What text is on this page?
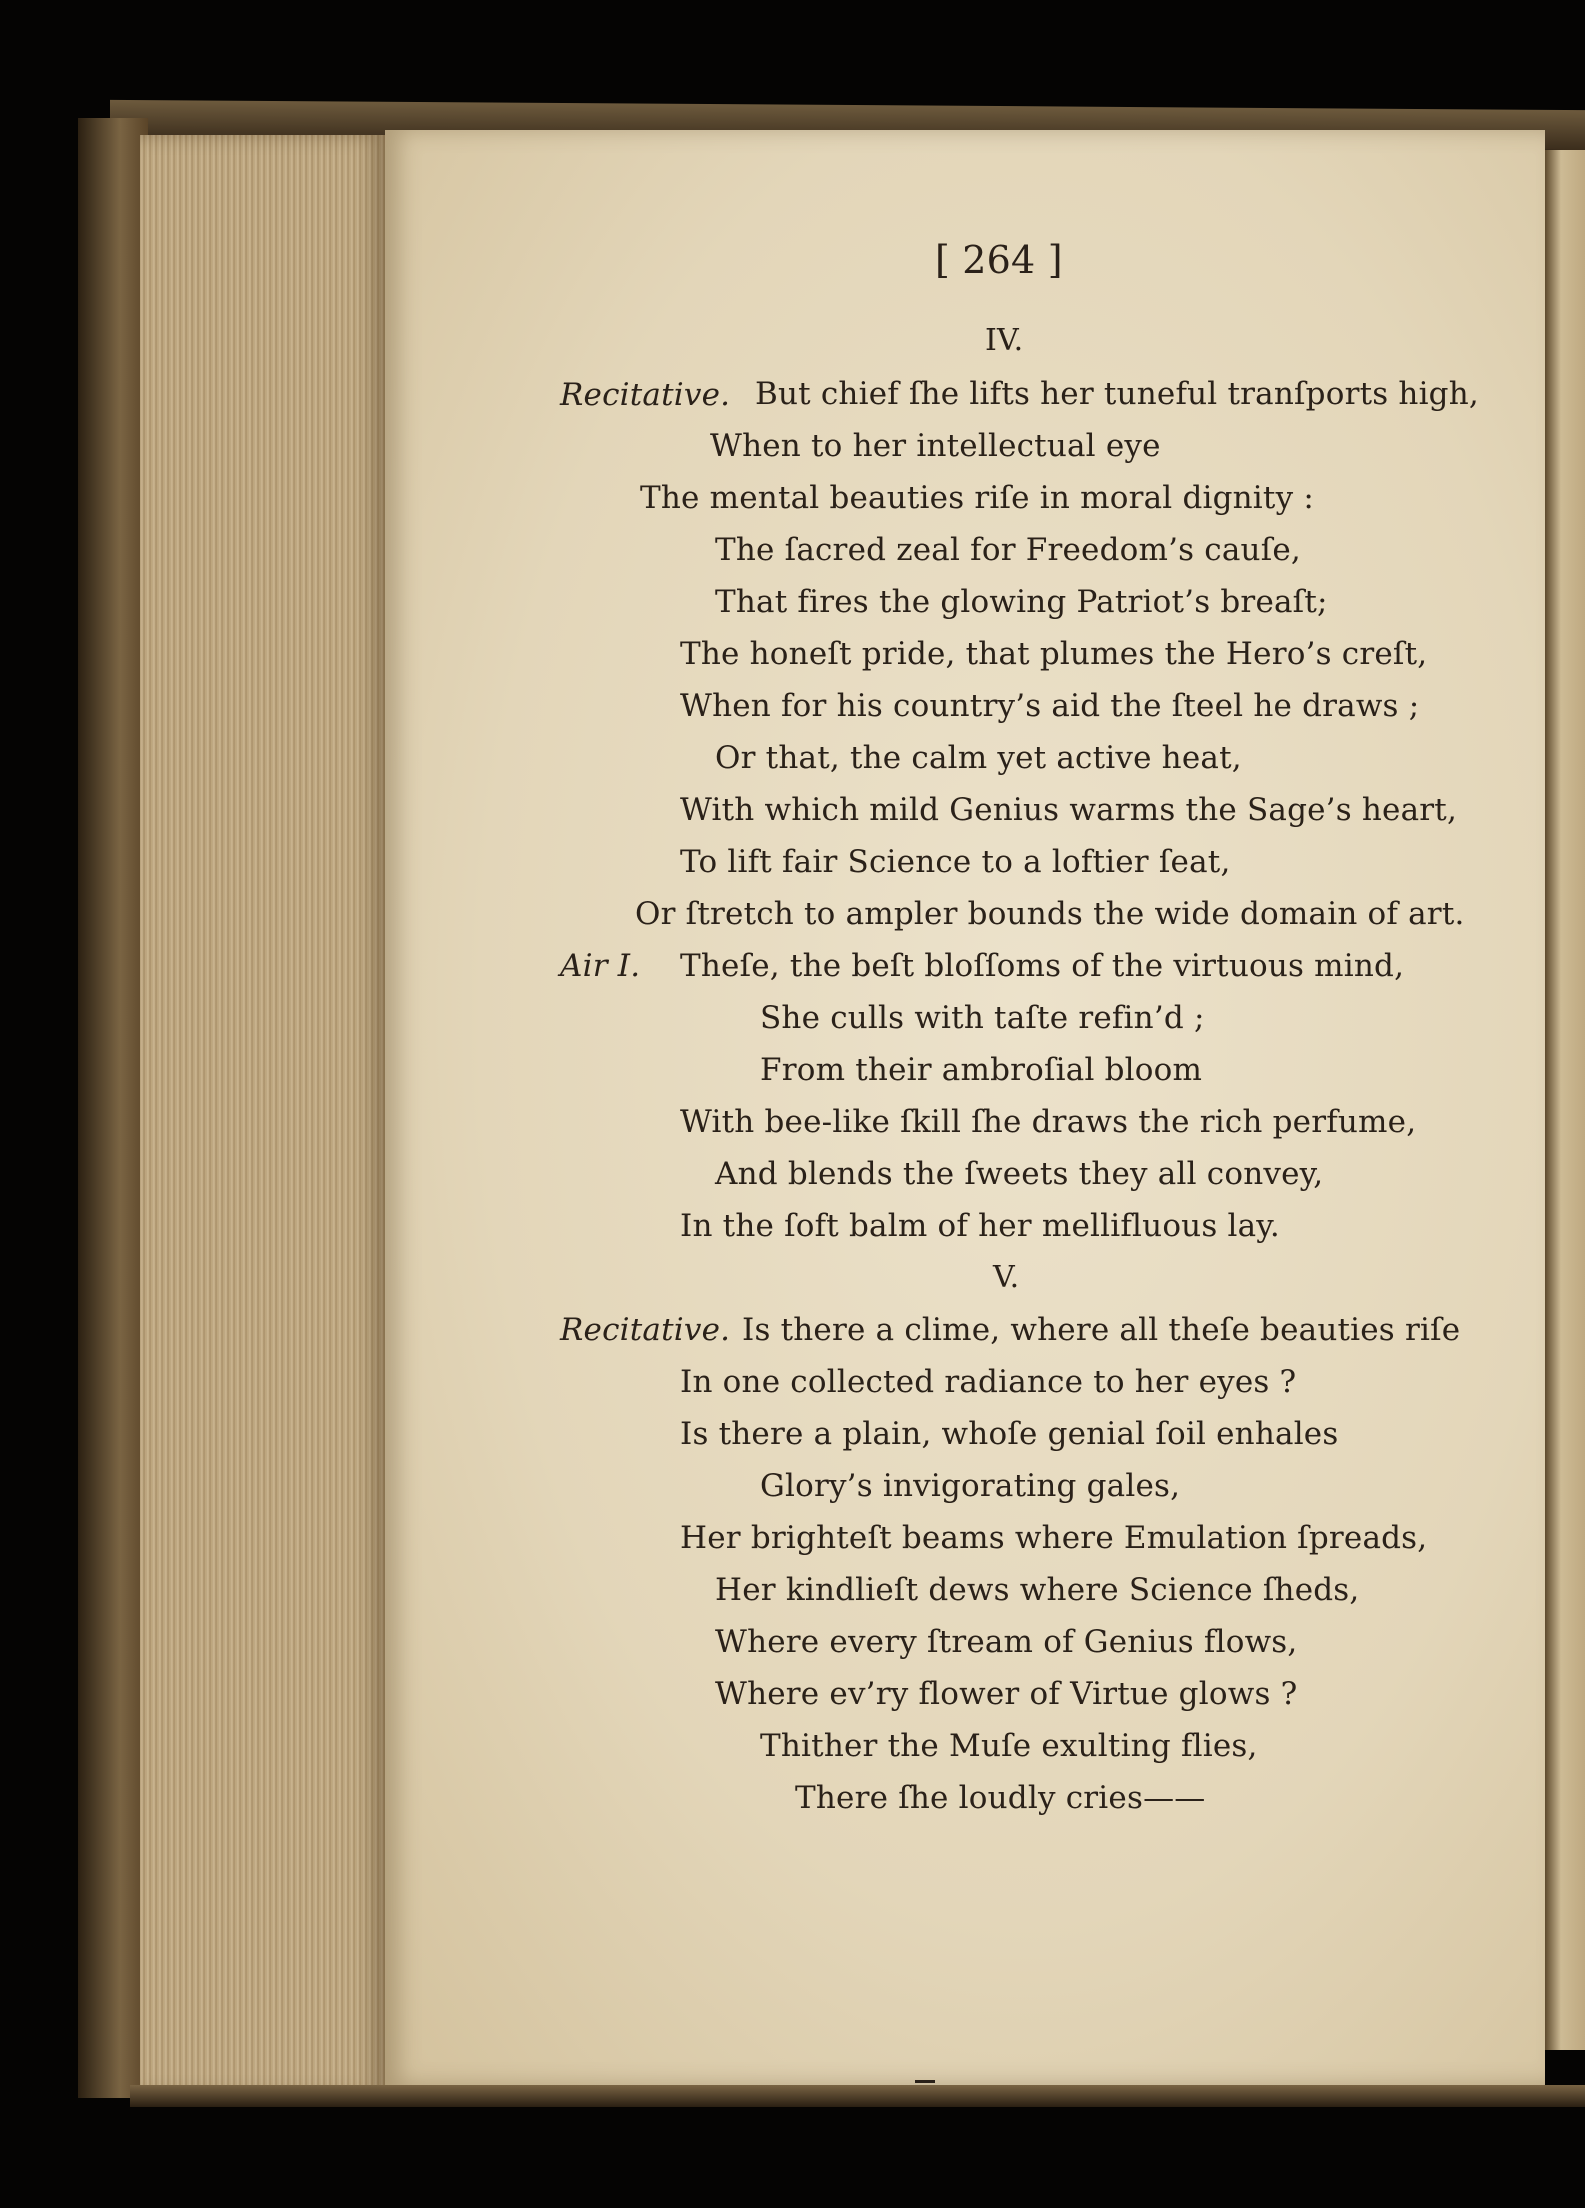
[ 264 ]
IV.
Recitative. But chief ſhe lifts her tuneful tranſports high,
When to her intellectual eye
The mental beauties riſe in moral dignity :
The ſacred zeal for Freedom’s cauſe,
That fires the glowing Patriot’s breaſt;
The honeſt pride, that plumes the Hero’s creſt,
When for his country’s aid the ſteel he draws ;
Or that, the calm yet active heat,
With which mild Genius warms the Sage’s heart,
To lift fair Science to a loftier ſeat,
Or ſtretch to ampler bounds the wide domain of art.
Air I. Theſe, the beſt bloſſoms of the virtuous mind,
She culls with taſte refin’d ;
From their ambroſial bloom
With bee-like ſkill ſhe draws the rich perfume,
And blends the ſweets they all convey,
In the ſoft balm of her mellifluous lay.
V.
Recitative. Is there a clime, where all theſe beauties riſe
In one collected radiance to her eyes ?
Is there a plain, whoſe genial ſoil enhales
Glory’s invigorating gales,
Her brighteſt beams where Emulation ſpreads,
Her kindlieſt dews where Science ſheds,
Where every ſtream of Genius flows,
Where ev’ry flower of Virtue glows ?
Thither the Muſe exulting flies,
There ſhe loudly cries——
